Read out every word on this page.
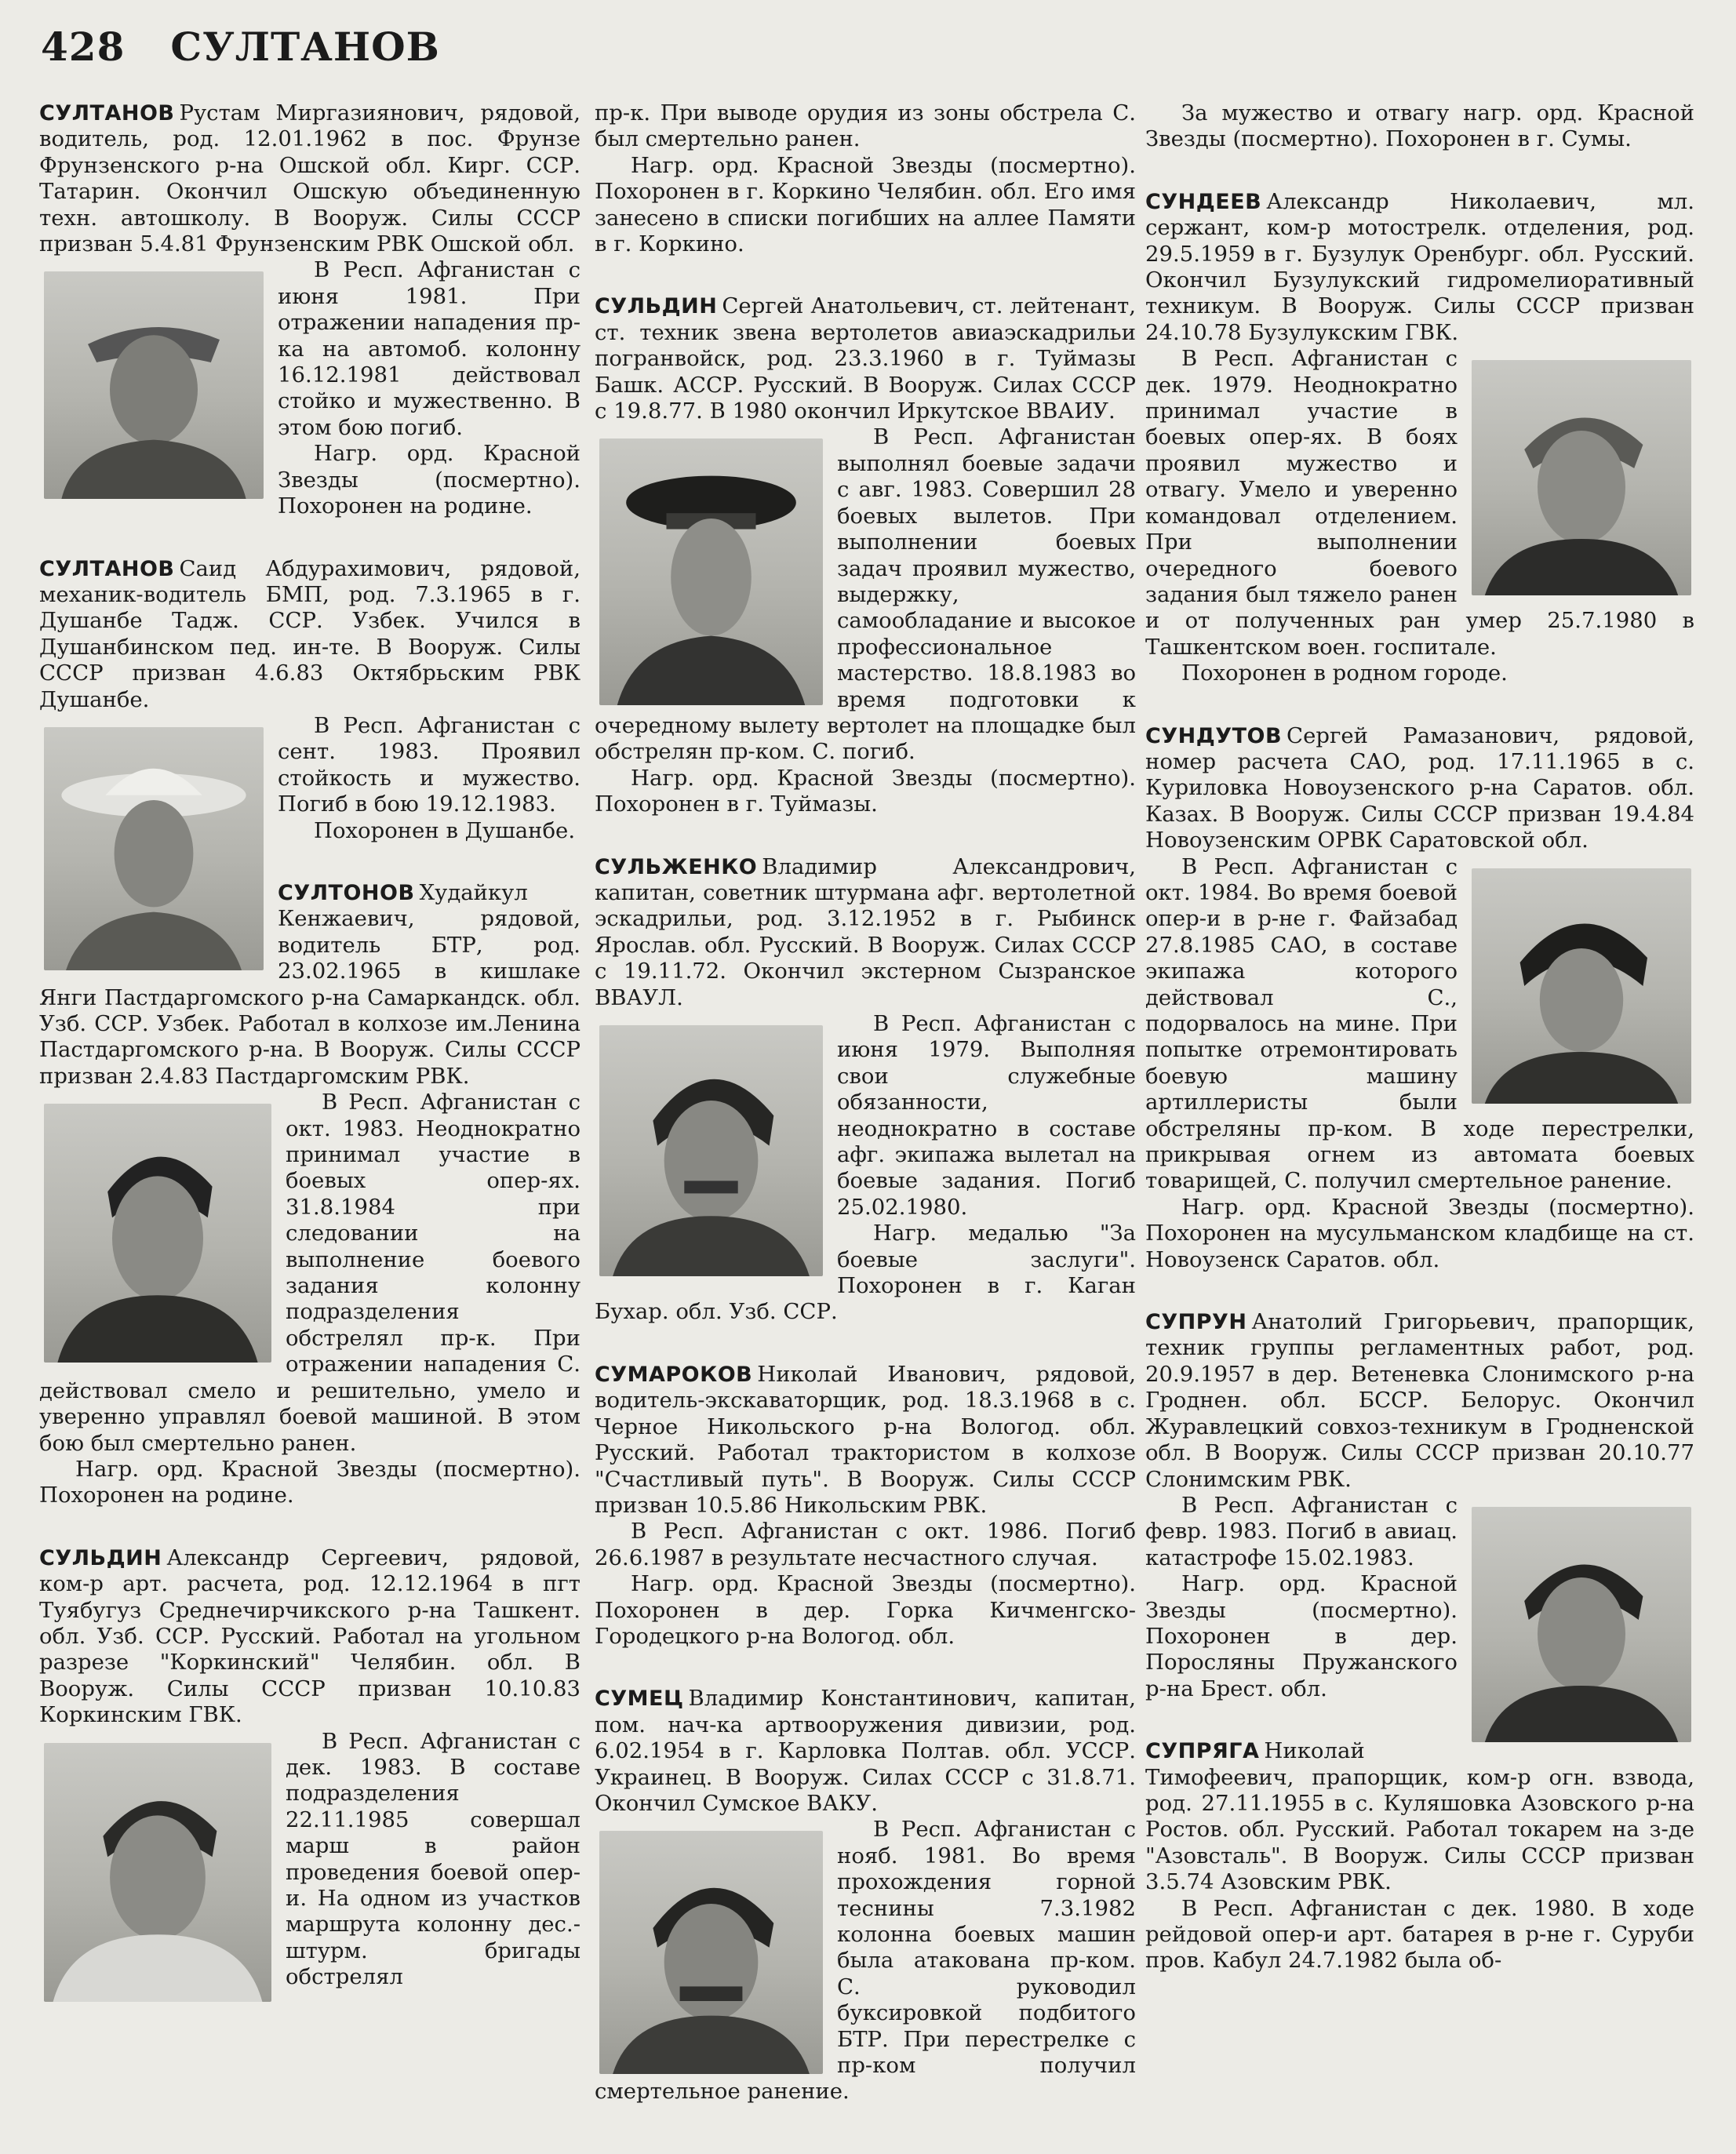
428 СУЛТАНОВ

СУЛТАНОВ Рустам Миргазиянович, рядовой, водитель, род. 12.01.1962 в пос. Фрунзе Фрунзенского р-на Ошской обл. Кирг. ССР. Татарин. Окончил Ошскую объединенную техн. автошколу. В Вооруж. Силы СССР призван 5.4.81 Фрунзенским РВК Ошской обл.

В Респ. Афганистан с июня 1981. При отражении нападения пр-ка на автомоб. колонну 16.12.1981 действовал стойко и мужественно. В этом бою погиб.

Нагр. орд. Красной Звезды (посмертно). Похоронен на родине.

СУЛТАНОВ Саид Абдурахимович, рядовой, механик-водитель БМП, род. 7.3.1965 в г. Душанбе Тадж. ССР. Узбек. Учился в Душанбинском пед. ин-те. В Вооруж. Силы СССР призван 4.6.83 Октябрьским РВК Душанбе.

В Респ. Афганистан с сент. 1983. Проявил стойкость и мужество. Погиб в бою 19.12.1983.

Похоронен в Душанбе.

СУЛТОНОВ Худайкул Кенжаевич, рядовой, водитель БТР, род. 23.02.1965 в кишлаке Янги Пастдаргомского р-на Самаркандск. обл. Узб. ССР. Узбек. Работал в колхозе им.Ленина Пастдаргомского р-на. В Вооруж. Силы СССР призван 2.4.83 Пастдаргомским РВК.

В Респ. Афганистан с окт. 1983. Неоднократно принимал участие в боевых опер-ях. 31.8.1984 при следовании на выполнение боевого задания колонну подразделения обстрелял пр-к. При отражении нападения С. действовал смело и решительно, умело и уверенно управлял боевой машиной. В этом бою был смертельно ранен.

Нагр. орд. Красной Звезды (посмертно). Похоронен на родине.

СУЛЬДИН Александр Сергеевич, рядовой, ком-р арт. расчета, род. 12.12.1964 в пгт Туябугуз Среднечирчикского р-на Ташкент. обл. Узб. ССР. Русский. Работал на угольном разрезе "Коркинский" Челябин. обл. В Вооруж. Силы СССР призван 10.10.83 Коркинским ГВК.

В Респ. Афганистан с дек. 1983. В составе подразделения 22.11.1985 совершал марш в район проведения боевой опер-и. На одном из участков маршрута колонну дес.-штурм. бригады обстрелял

пр-к. При выводе орудия из зоны обстрела С. был смертельно ранен.

Нагр. орд. Красной Звезды (посмертно). Похоронен в г. Коркино Челябин. обл. Его имя занесено в списки погибших на аллее Памяти в г. Коркино.

СУЛЬДИН Сергей Анатольевич, ст. лейтенант, ст. техник звена вертолетов авиаэскадрильи погранвойск, род. 23.3.1960 в г. Туймазы Башк. АССР. Русский. В Вооруж. Силах СССР с 19.8.77. В 1980 окончил Иркутское ВВАИУ.

В Респ. Афганистан выполнял боевые задачи с авг. 1983. Совершил 28 боевых вылетов. При выполнении боевых задач проявил мужество, выдержку, самообладание и высокое профессиональное мастерство. 18.8.1983 во время подготовки к очередному вылету вертолет на площадке был обстрелян пр-ком. С. погиб.

Нагр. орд. Красной Звезды (посмертно). Похоронен в г. Туймазы.

СУЛЬЖЕНКО Владимир Александрович, капитан, советник штурмана афг. вертолетной эскадрильи, род. 3.12.1952 в г. Рыбинск Ярослав. обл. Русский. В Вооруж. Силах СССР с 19.11.72. Окончил экстерном Сызранское ВВАУЛ.

В Респ. Афганистан с июня 1979. Выполняя свои служебные обязанности, неоднократно в составе афг. экипажа вылетал на боевые задания. Погиб 25.02.1980.

Нагр. медалью "За боевые заслуги". Похоронен в г. Каган Бухар. обл. Узб. ССР.

СУМАРОКОВ Николай Иванович, рядовой, водитель-экскаваторщик, род. 18.3.1968 в с. Черное Никольского р-на Вологод. обл. Русский. Работал трактористом в колхозе "Счастливый путь". В Вооруж. Силы СССР призван 10.5.86 Никольским РВК.

В Респ. Афганистан с окт. 1986. Погиб 26.6.1987 в результате несчастного случая.

Нагр. орд. Красной Звезды (посмертно). Похоронен в дер. Горка Кичменгско-Городецкого р-на Вологод. обл.

СУМЕЦ Владимир Константинович, капитан, пом. нач-ка артвооружения дивизии, род. 6.02.1954 в г. Карловка Полтав. обл. УССР. Украинец. В Вооруж. Силах СССР с 31.8.71. Окончил Сумское ВАКУ.

В Респ. Афганистан с нояб. 1981. Во время прохождения горной теснины 7.3.1982 колонна боевых машин была атакована пр-ком. С. руководил буксировкой подбитого БТР. При перестрелке с пр-ком получил смертельное ранение.

За мужество и отвагу нагр. орд. Красной Звезды (посмертно). Похоронен в г. Сумы.

СУНДЕЕВ Александр Николаевич, мл. сержант, ком-р мотострелк. отделения, род. 29.5.1959 в г. Бузулук Оренбург. обл. Русский. Окончил Бузулукский гидромелиоративный техникум. В Вооруж. Силы СССР призван 24.10.78 Бузулукским ГВК.

В Респ. Афганистан с дек. 1979. Неоднократно принимал участие в боевых опер-ях. В боях проявил мужество и отвагу. Умело и уверенно командовал отделением. При выполнении очередного боевого задания был тяжело ранен и от полученных ран умер 25.7.1980 в Ташкентском воен. госпитале.

Похоронен в родном городе.

СУНДУТОВ Сергей Рамазанович, рядовой, номер расчета САО, род. 17.11.1965 в с. Куриловка Новоузенского р-на Саратов. обл. Казах. В Вооруж. Силы СССР призван 19.4.84 Новоузенским ОРВК Саратовской обл.

В Респ. Афганистан с окт. 1984. Во время боевой опер-и в р-не г. Файзабад 27.8.1985 САО, в составе экипажа которого действовал С., подорвалось на мине. При попытке отремонтировать боевую машину артиллеристы были обстреляны пр-ком. В ходе перестрелки, прикрывая огнем из автомата боевых товарищей, С. получил смертельное ранение.

Нагр. орд. Красной Звезды (посмертно). Похоронен на мусульманском кладбище на ст. Новоузенск Саратов. обл.

СУПРУН Анатолий Григорьевич, прапорщик, техник группы регламентных работ, род. 20.9.1957 в дер. Ветеневка Слонимского р-на Гроднен. обл. БССР. Белорус. Окончил Журавлецкий совхоз-техникум в Гродненской обл. В Вооруж. Силы СССР призван 20.10.77 Слонимским РВК.

В Респ. Афганистан с февр. 1983. Погиб в авиац. катастрофе 15.02.1983.

Нагр. орд. Красной Звезды (посмертно). Похоронен в дер. Поросляны Пружанского р-на Брест. обл.

СУПРЯГА Николай Тимофеевич, прапорщик, ком-р огн. взвода, род. 27.11.1955 в с. Куляшовка Азовского р-на Ростов. обл. Русский. Работал токарем на з-де "Азовсталь". В Вооруж. Силы СССР призван 3.5.74 Азовским РВК.

В Респ. Афганистан с дек. 1980. В ходе рейдовой опер-и арт. батарея в р-не г. Суруби пров. Кабул 24.7.1982 была об-
